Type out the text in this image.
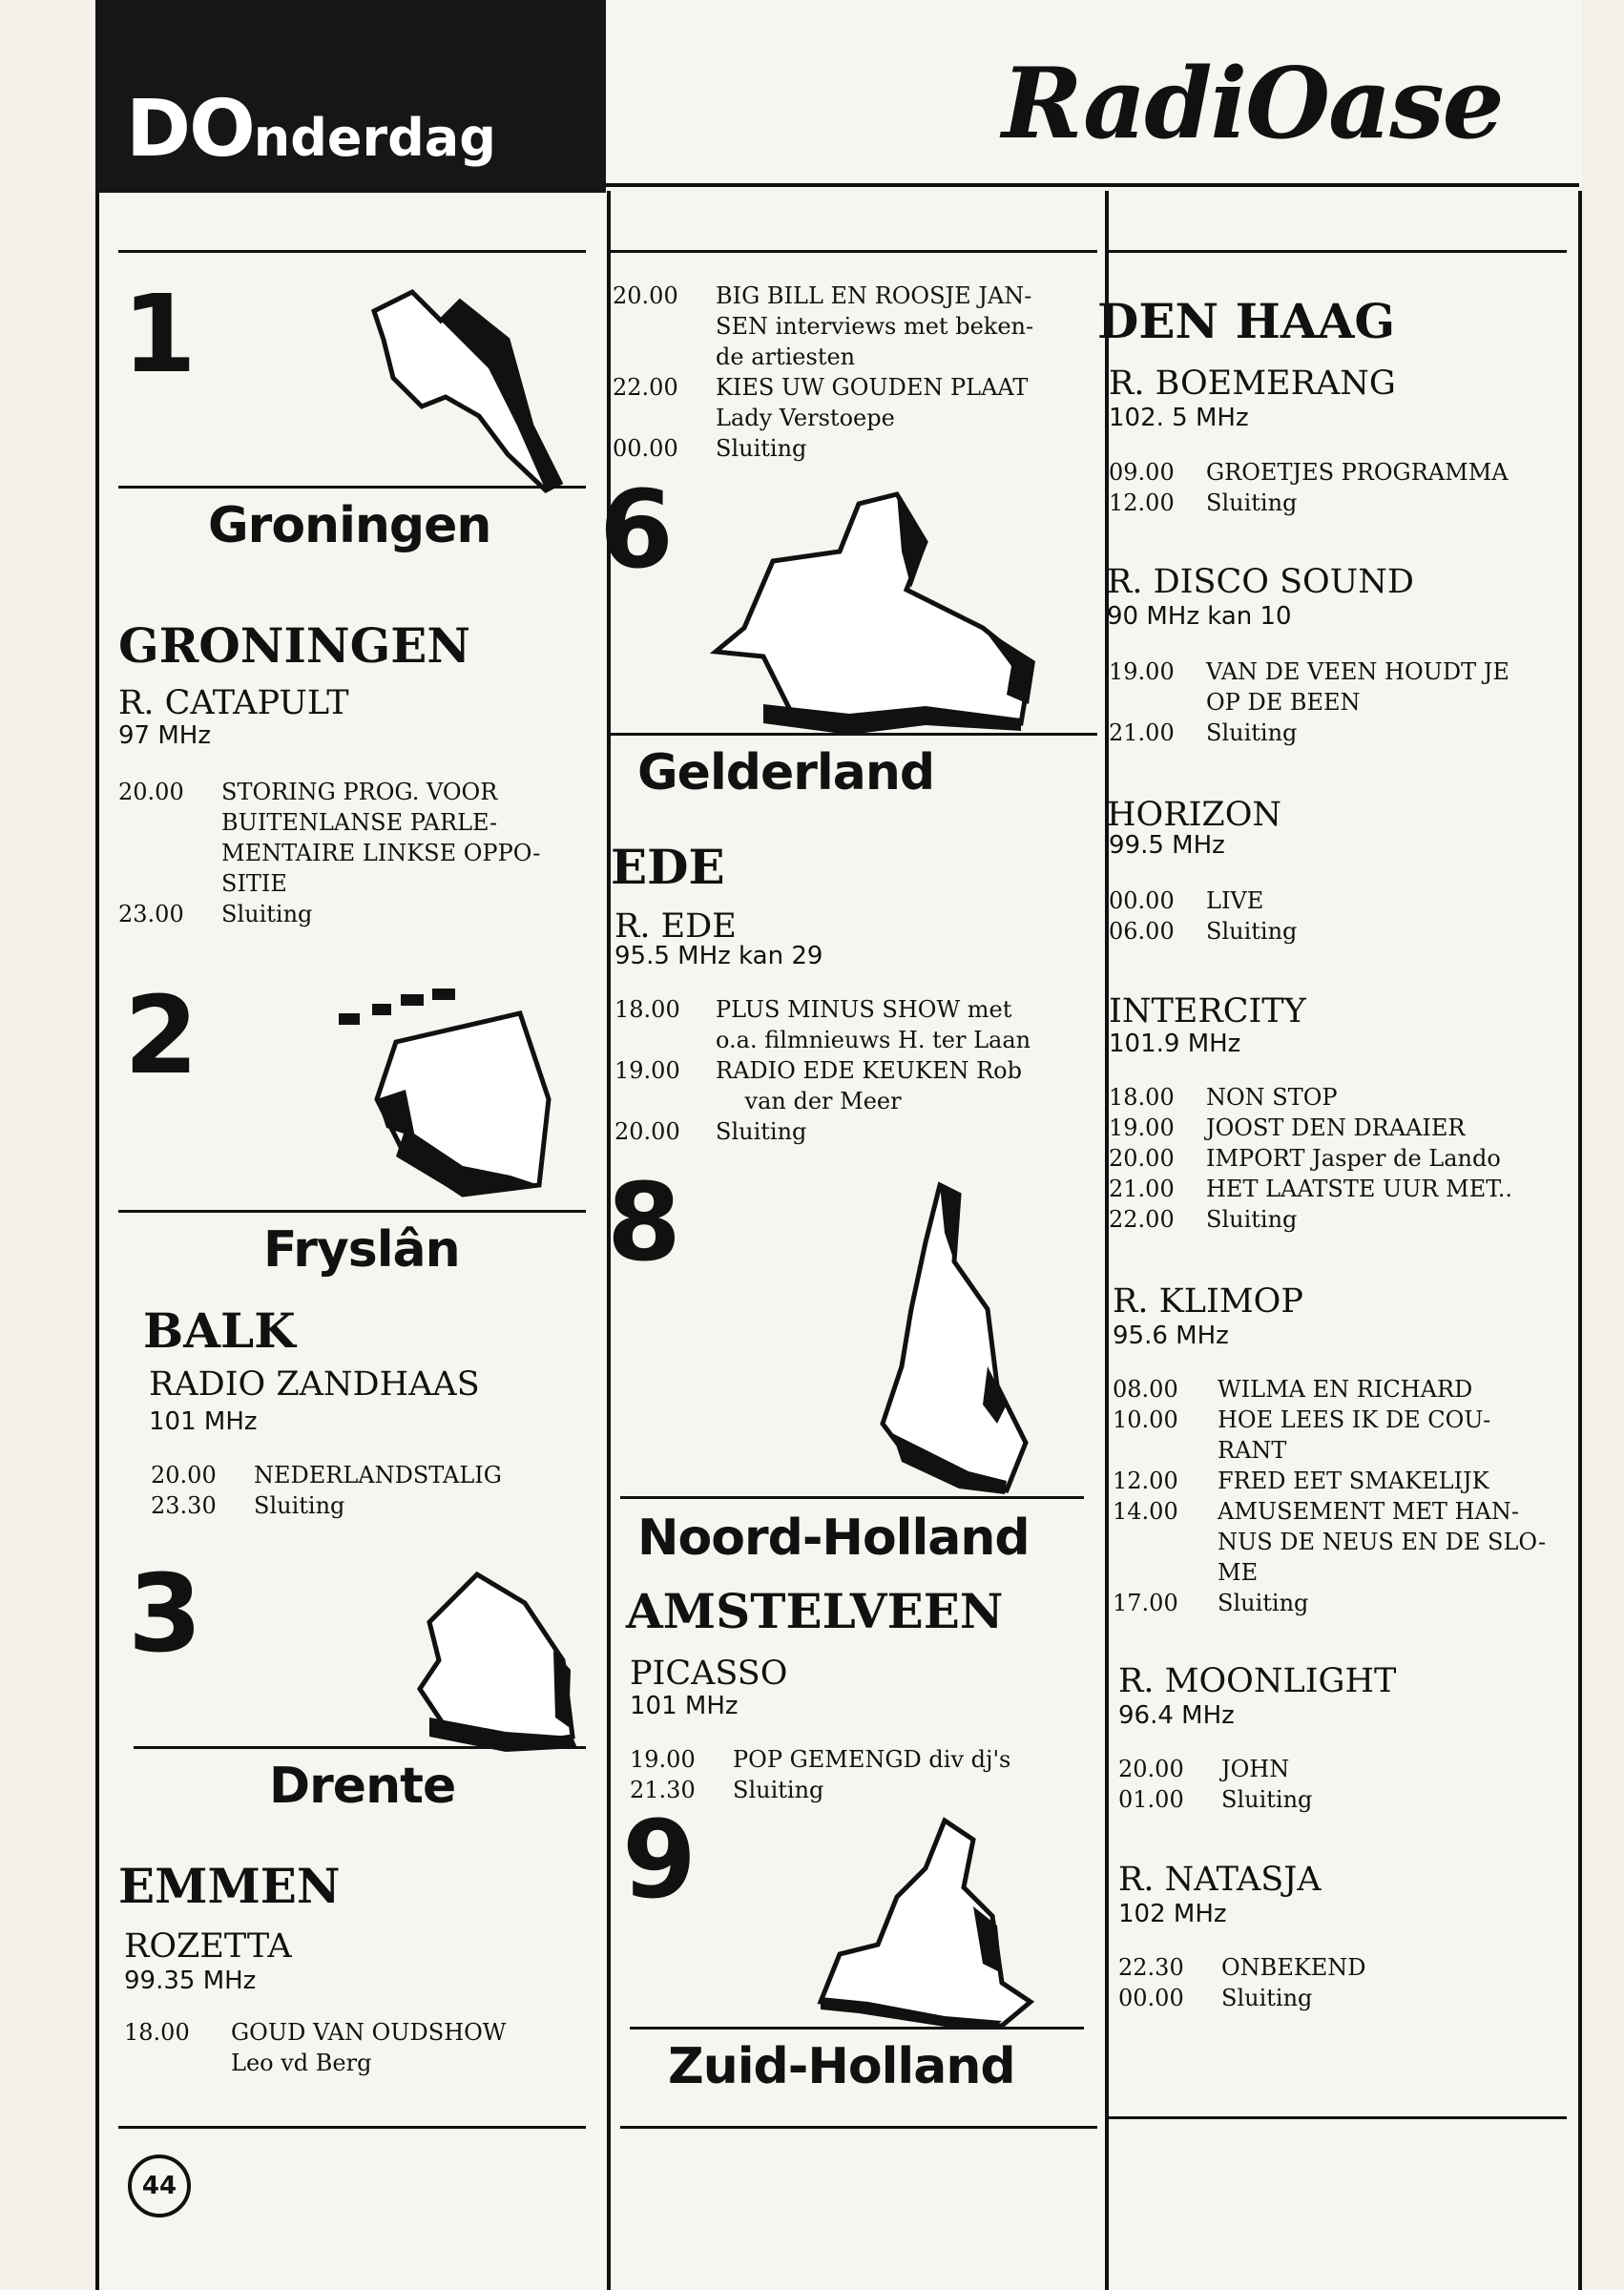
DOnderdag	RadiOase
1
Groningen
GRONINGEN
R. CATAPULT
97 MHz
20.00	STORING PROG. VOOR
BUITENLANSE PARLE-
MENTAIRE LINKSE OPPO-
SITIE
23.00	Sluiting
2
Fryslân
BALK
RADIO ZANDHAAS
101 MHz
20.00	NEDERLANDSTALIG
23.30	Sluiting
3
Drente
EMMEN
ROZETTA
99.35 MHz
18.00	GOUD VAN OUDSHOW
Leo vd Berg
44
20.00	BIG BILL EN ROOSJE JAN-
SEN interviews met beken-
de artiesten
22.00	KIES UW GOUDEN PLAAT
Lady Verstoepe
00.00	Sluiting
6
Gelderland
EDE
R. EDE
95.5 MHz kan 29
18.00	PLUS MINUS SHOW met
o.a. filmnieuws H. ter Laan
19.00	RADIO EDE KEUKEN Rob
van der Meer
20.00	Sluiting
8
Noord-Holland
AMSTELVEEN
PICASSO
101 MHz
19.00	POP GEMENGD div dj's
21.30	Sluiting
9
Zuid-Holland
DEN HAAG
R. BOEMERANG
102. 5 MHz
09.00	GROETJES PROGRAMMA
12.00	Sluiting
R. DISCO SOUND
90 MHz kan 10
19.00	VAN DE VEEN HOUDT JE
OP DE BEEN
21.00	Sluiting
HORIZON
99.5 MHz
00.00	LIVE
06.00	Sluiting
INTERCITY
101.9 MHz
18.00	NON STOP
19.00	JOOST DEN DRAAIER
20.00	IMPORT Jasper de Lando
21.00	HET LAATSTE UUR MET..
22.00	Sluiting
R. KLIMOP
95.6 MHz
08.00	WILMA EN RICHARD
10.00	HOE LEES IK DE COU-
RANT
12.00	FRED EET SMAKELIJK
14.00	AMUSEMENT MET HAN-
NUS DE NEUS EN DE SLO-
ME
17.00	Sluiting
R. MOONLIGHT
96.4 MHz
20.00	JOHN
01.00	Sluiting
R. NATASJA
102 MHz
22.30	ONBEKEND
00.00	Sluiting
